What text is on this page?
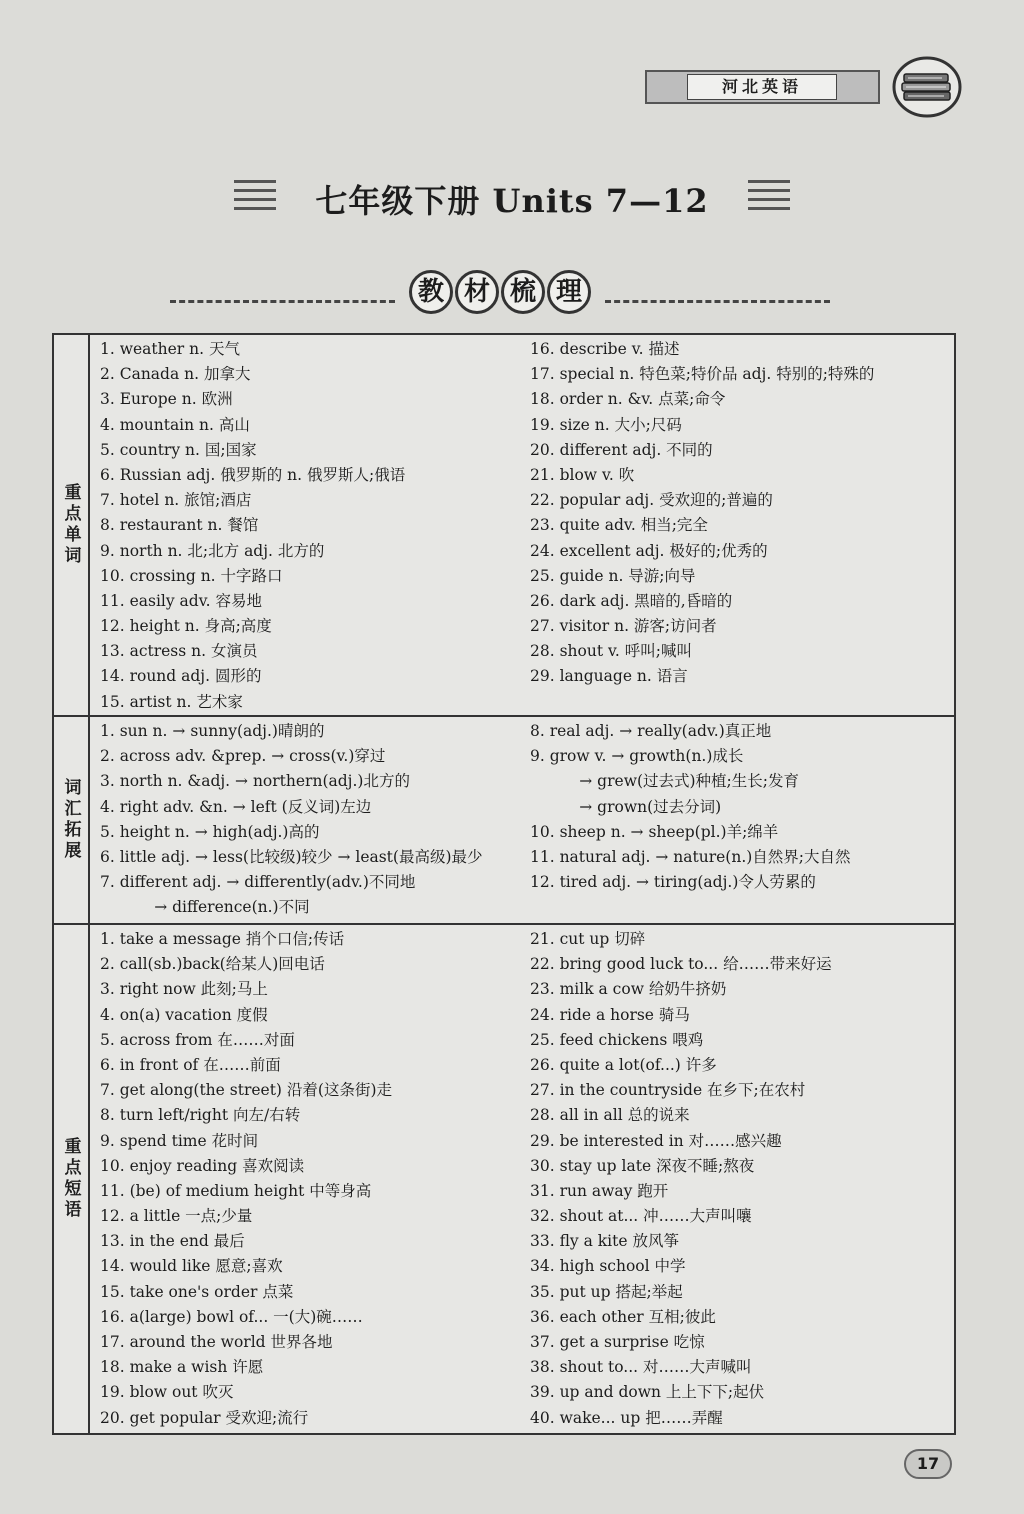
河北英语
七年级下册 Units 7—12
教 材 梳 理
重点单词
1. weather n. 天气
2. Canada n. 加拿大
3. Europe n. 欧洲
4. mountain n. 高山
5. country n. 国;国家
6. Russian adj. 俄罗斯的 n. 俄罗斯人;俄语
7. hotel n. 旅馆;酒店
8. restaurant n. 餐馆
9. north n. 北;北方 adj. 北方的
10. crossing n. 十字路口
11. easily adv. 容易地
12. height n. 身高;高度
13. actress n. 女演员
14. round adj. 圆形的
15. artist n. 艺术家
16. describe v. 描述
17. special n. 特色菜;特价品 adj. 特别的;特殊的
18. order n. &v. 点菜;命令
19. size n. 大小;尺码
20. different adj. 不同的
21. blow v. 吹
22. popular adj. 受欢迎的;普遍的
23. quite adv. 相当;完全
24. excellent adj. 极好的;优秀的
25. guide n. 导游;向导
26. dark adj. 黑暗的,昏暗的
27. visitor n. 游客;访问者
28. shout v. 呼叫;喊叫
29. language n. 语言
词汇拓展
1. sun n. → sunny(adj.)晴朗的
2. across adv. &prep. → cross(v.)穿过
3. north n. &adj. → northern(adj.)北方的
4. right adv. &n. → left (反义词)左边
5. height n. → high(adj.)高的
6. little adj. → less(比较级)较少 → least(最高级)最少
7. different adj. → differently(adv.)不同地
→ difference(n.)不同
8. real adj. → really(adv.)真正地
9. grow v. → growth(n.)成长
→ grew(过去式)种植;生长;发育
→ grown(过去分词)
10. sheep n. → sheep(pl.)羊;绵羊
11. natural adj. → nature(n.)自然界;大自然
12. tired adj. → tiring(adj.)令人劳累的
重点短语
1. take a message 捎个口信;传话
2. call(sb.)back(给某人)回电话
3. right now 此刻;马上
4. on(a) vacation 度假
5. across from 在……对面
6. in front of 在……前面
7. get along(the street) 沿着(这条街)走
8. turn left/right 向左/右转
9. spend time 花时间
10. enjoy reading 喜欢阅读
11. (be) of medium height 中等身高
12. a little 一点;少量
13. in the end 最后
14. would like 愿意;喜欢
15. take one's order 点菜
16. a(large) bowl of... 一(大)碗……
17. around the world 世界各地
18. make a wish 许愿
19. blow out 吹灭
20. get popular 受欢迎;流行
21. cut up 切碎
22. bring good luck to... 给……带来好运
23. milk a cow 给奶牛挤奶
24. ride a horse 骑马
25. feed chickens 喂鸡
26. quite a lot(of...) 许多
27. in the countryside 在乡下;在农村
28. all in all 总的说来
29. be interested in 对……感兴趣
30. stay up late 深夜不睡;熬夜
31. run away 跑开
32. shout at... 冲……大声叫嚷
33. fly a kite 放风筝
34. high school 中学
35. put up 搭起;举起
36. each other 互相;彼此
37. get a surprise 吃惊
38. shout to... 对……大声喊叫
39. up and down 上上下下;起伏
40. wake... up 把……弄醒
17
